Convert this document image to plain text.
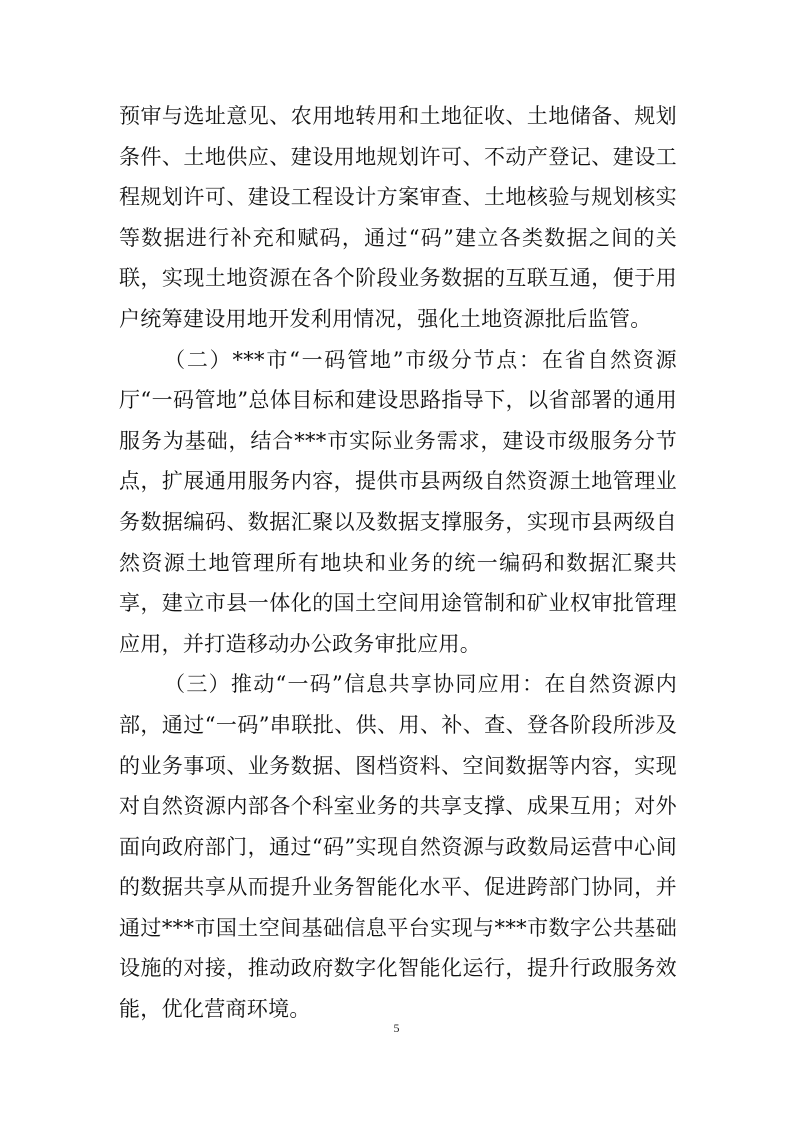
预审与选址意见、农用地转用和土地征收、土地储备、规划条件、土地供应、建设用地规划许可、不动产登记、建设工程规划许可、建设工程设计方案审查、土地核验与规划核实等数据进行补充和赋码，通过“码”建立各类数据之间的关联，实现土地资源在各个阶段业务数据的互联互通，便于用户统筹建设用地开发利用情况，强化土地资源批后监管。

（二）***市“一码管地”市级分节点：在省自然资源厅“一码管地”总体目标和建设思路指导下，以省部署的通用服务为基础，结合***市实际业务需求，建设市级服务分节点，扩展通用服务内容，提供市县两级自然资源土地管理业务数据编码、数据汇聚以及数据支撑服务，实现市县两级自然资源土地管理所有地块和业务的统一编码和数据汇聚共享，建立市县一体化的国土空间用途管制和矿业权审批管理应用，并打造移动办公政务审批应用。

（三）推动“一码”信息共享协同应用：在自然资源内部，通过“一码”串联批、供、用、补、查、登各阶段所涉及的业务事项、业务数据、图档资料、空间数据等内容，实现对自然资源内部各个科室业务的共享支撑、成果互用；对外面向政府部门，通过“码”实现自然资源与政数局运营中心间的数据共享从而提升业务智能化水平、促进跨部门协同，并通过***市国土空间基础信息平台实现与***市数字公共基础设施的对接，推动政府数字化智能化运行，提升行政服务效能，优化营商环境。

5
